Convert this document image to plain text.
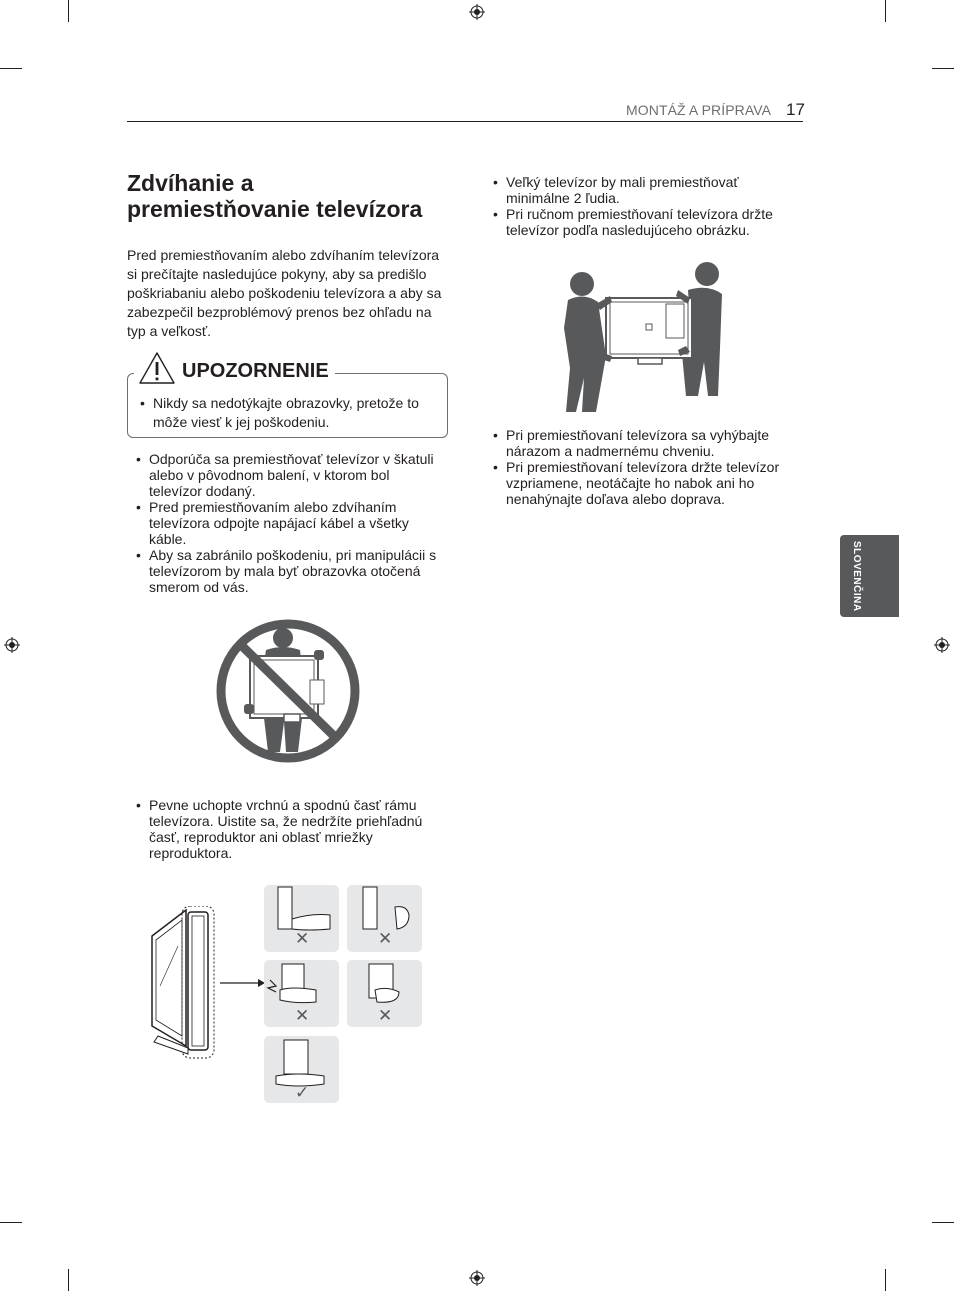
MONTÁŽ A PRÍPRAVA 17
Zdvíhanie a
premiestňovanie televízora
Pred premiestňovaním alebo zdvíhaním televízora si prečítajte nasledujúce pokyny, aby sa predišlo poškriabaniu alebo poškodeniu televízora a aby sa zabezpečil bezproblémový prenos bez ohľadu na typ a veľkosť.
UPOZORNENIE
• Nikdy sa nedotýkajte obrazovky, pretože to môže viesť k jej poškodeniu.
• Odporúča sa premiestňovať televízor v škatuli alebo v pôvodnom balení, v ktorom bol televízor dodaný.
• Pred premiestňovaním alebo zdvíhaním televízora odpojte napájací kábel a všetky káble.
• Aby sa zabránilo poškodeniu, pri manipulácii s televízorom by mala byť obrazovka otočená smerom od vás.
• Pevne uchopte vrchnú a spodnú časť rámu televízora. Uistite sa, že nedržíte priehľadnú časť, reproduktor ani oblasť mriežky reproduktora.
✕	✕
✕	✕
✓
• Veľký televízor by mali premiestňovať minimálne 2 ľudia.
• Pri ručnom premiestňovaní televízora držte televízor podľa nasledujúceho obrázku.
• Pri premiestňovaní televízora sa vyhýbajte nárazom a nadmernému chveniu.
• Pri premiestňovaní televízora držte televízor vzpriamene, neotáčajte ho nabok ani ho nenahýnajte doľava alebo doprava.
SLOVENČINA
